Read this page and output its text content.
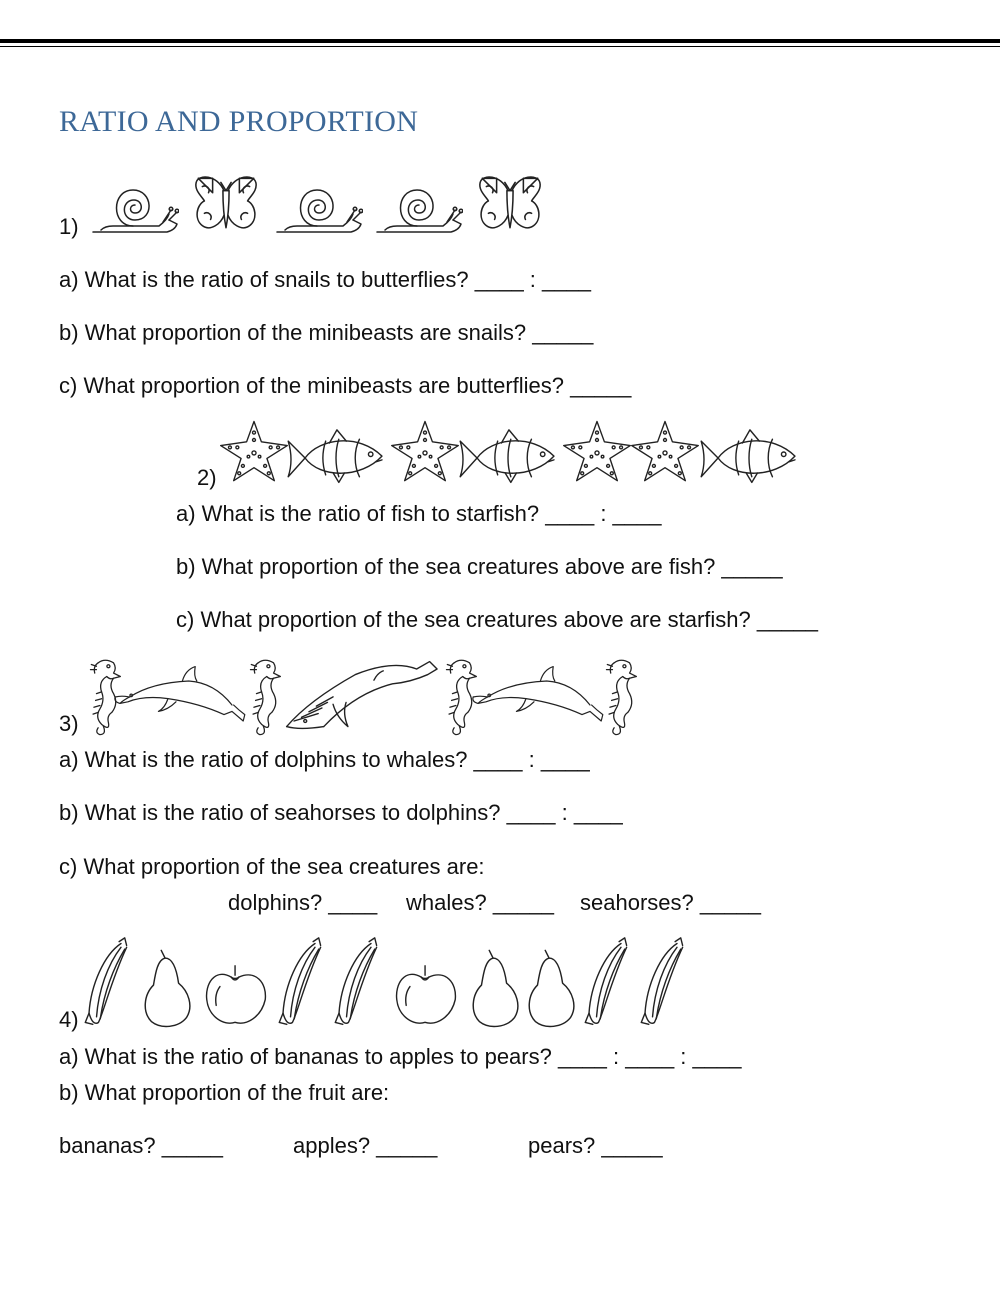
RATIO AND PROPORTION

1)

a) What is the ratio of snails to butterflies? ____ : ____

b) What proportion of the minibeasts are snails? _____

c) What proportion of the minibeasts are butterflies? _____

2)

a) What is the ratio of fish to starfish? ____ : ____

b) What proportion of the sea creatures above are fish? _____

c) What proportion of the sea creatures above are starfish? _____

3)

a) What is the ratio of dolphins to whales? ____ : ____

b) What is the ratio of seahorses to dolphins? ____ : ____

c) What proportion of the sea creatures are:

dolphins? ____ whales? _____ seahorses? _____

4)

a) What is the ratio of bananas to apples to pears? ____ : ____ : ____

b) What proportion of the fruit are:

bananas? _____	apples? _____	pears? _____
